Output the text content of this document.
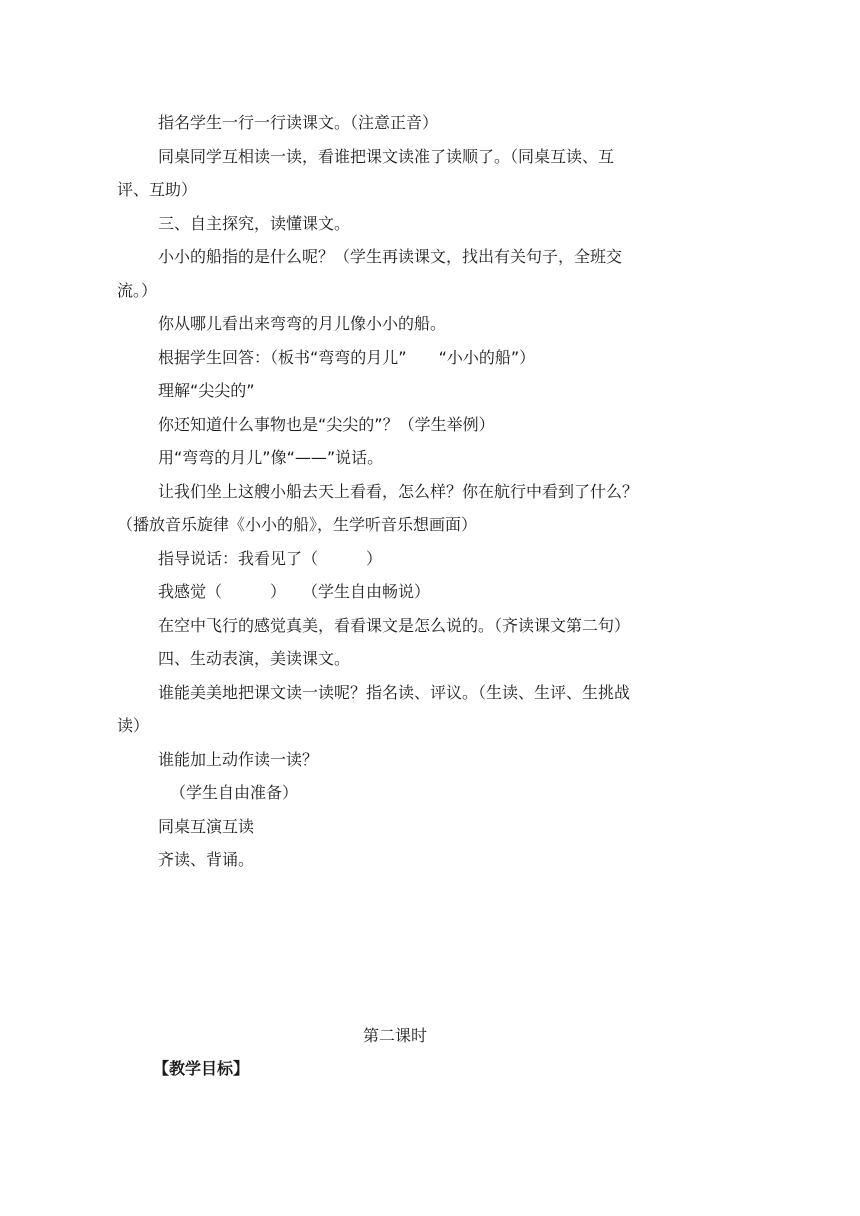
指名学生一行一行读课文。（注意正音）

同桌同学互相读一读，看谁把课文读准了读顺了。（同桌互读、互评、互助）

三、自主探究，读懂课文。

小小的船指的是什么呢？（学生再读课文，找出有关句子，全班交流。）

你从哪儿看出来弯弯的月儿像小小的船。

根据学生回答：（板书“弯弯的月儿”　　“小小的船”）

理解“尖尖的”

你还知道什么事物也是“尖尖的”？（学生举例）

用“弯弯的月儿”像“——”说话。

让我们坐上这艘小船去天上看看，怎么样？你在航行中看到了什么？（播放音乐旋律《小小的船》，生学听音乐想画面）

指导说话：我看见了（　　　）

我感觉（　　　）　　（学生自由畅说）

在空中飞行的感觉真美，看看课文是怎么说的。（齐读课文第二句）

四、生动表演，美读课文。

谁能美美地把课文读一读呢？指名读、评议。（生读、生评、生挑战读）

谁能加上动作读一读？

（学生自由准备）

同桌互演互读

齐读、背诵。

第二课时

【教学目标】
